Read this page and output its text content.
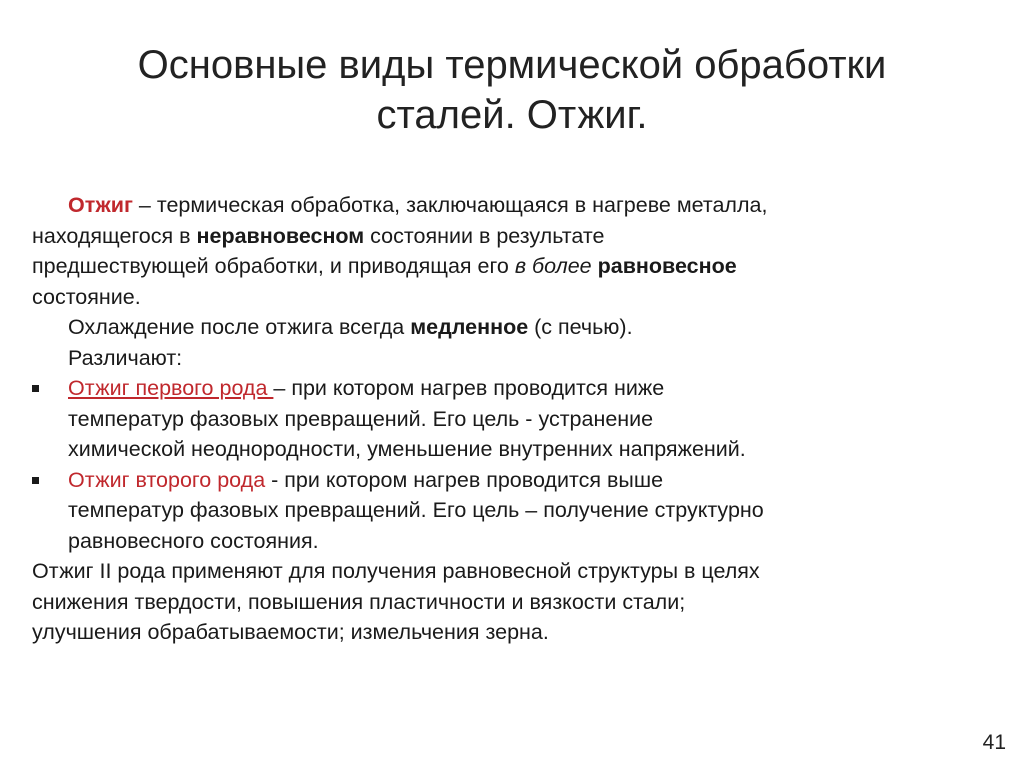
Основные виды термической обработки
сталей. Отжиг.
Отжиг – термическая обработка, заключающаяся в нагреве металла,
находящегося в неравновесном состоянии в результате
предшествующей обработки, и приводящая его в более равновесное
состояние.
Охлаждение после отжига всегда медленное (с печью).
Различают:
Отжиг первого рода – при котором нагрев проводится ниже
температур фазовых превращений. Его цель - устранение
химической неоднородности, уменьшение внутренних напряжений.
Отжиг второго рода - при котором нагрев проводится выше
температур фазовых превращений. Его цель – получение структурно
равновесного состояния.
Отжиг II рода применяют для получения равновесной структуры в целях
снижения твердости, повышения пластичности и вязкости стали;
улучшения обрабатываемости; измельчения зерна.
41
